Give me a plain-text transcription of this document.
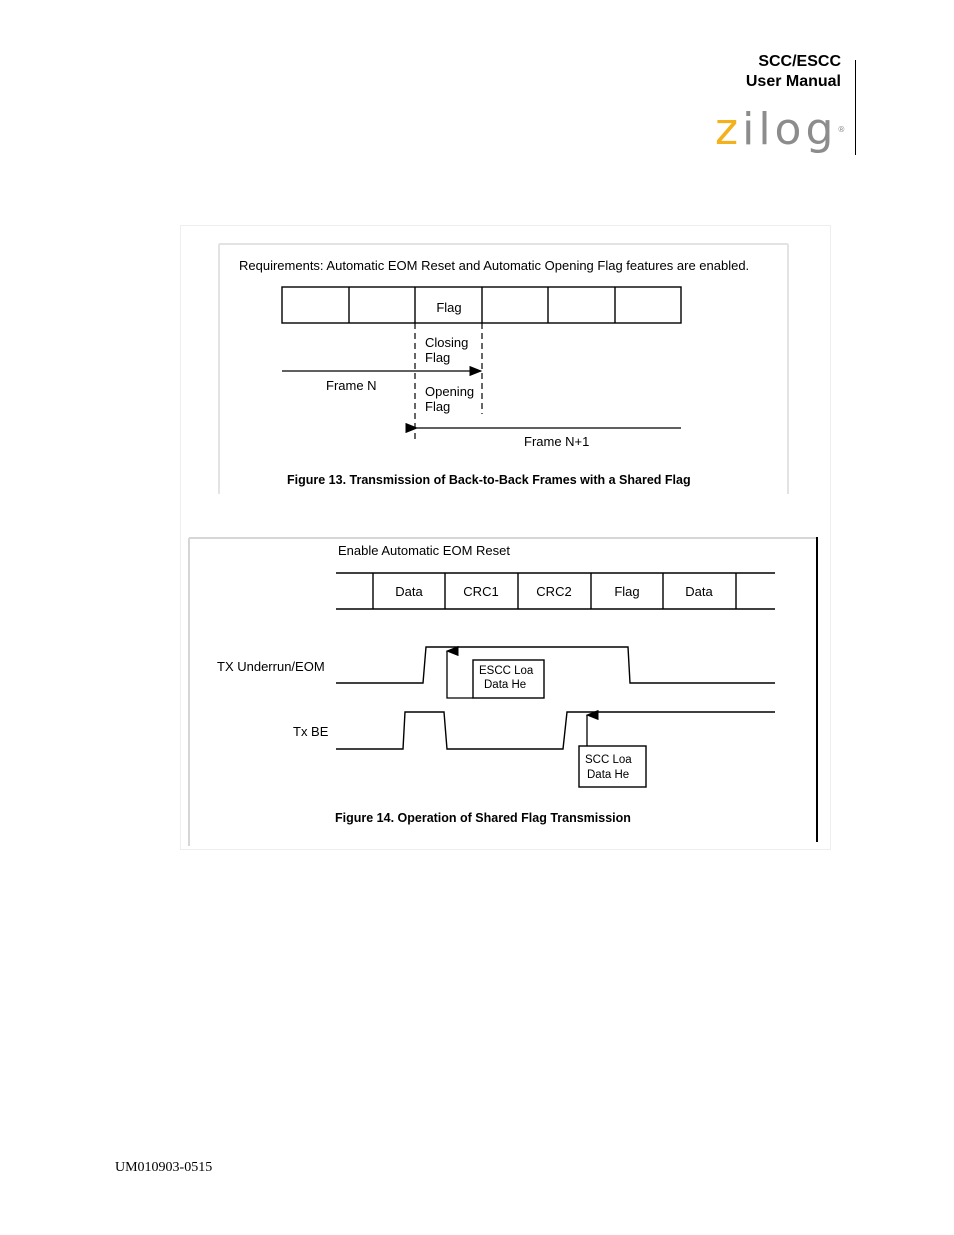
SCC/ESCC
User Manual
zilog®
Requirements: Automatic EOM Reset and Automatic Opening Flag features are enabled.
Flag
Closing
Flag
Frame N	Opening
Flag
Frame N+1
Figure 13. Transmission of Back-to-Back Frames with a Shared Flag
Enable Automatic EOM Reset
Data	CRC1	CRC2	Flag	Data
TX Underrun/EOM	ESCC Loa
Data He
Tx BE
SCC Loa
Data He
Figure 14. Operation of Shared Flag Transmission
UM010903-0515
